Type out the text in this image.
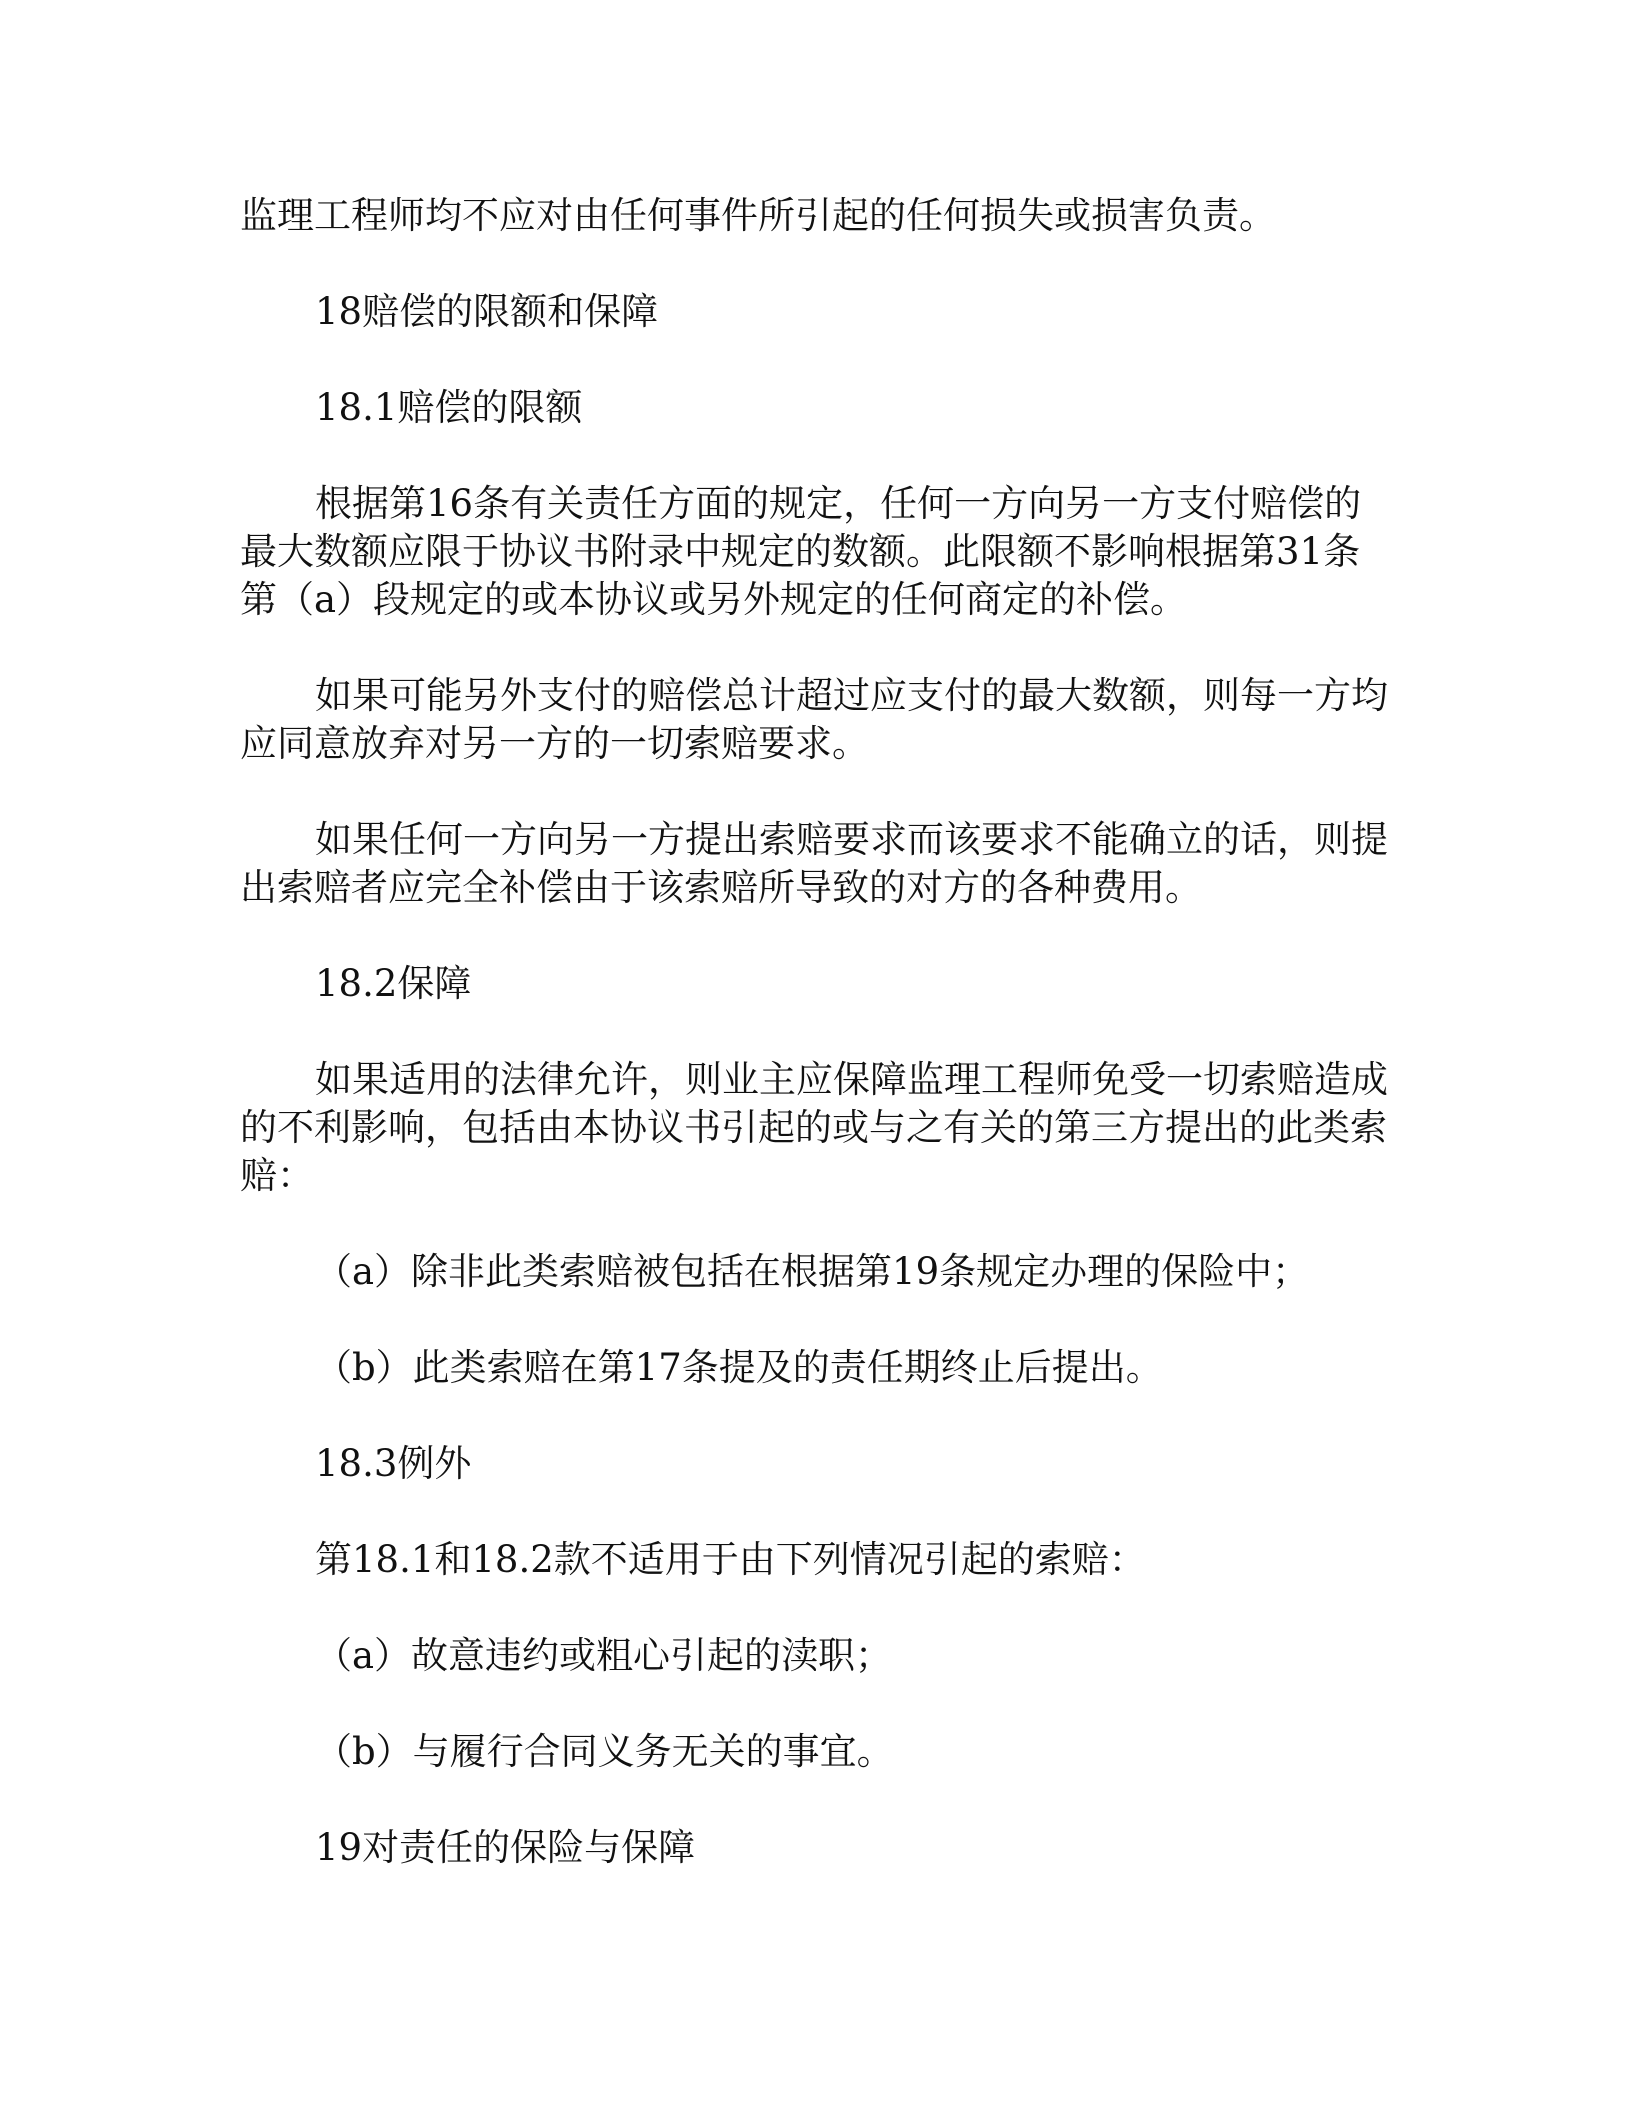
监理工程师均不应对由任何事件所引起的任何损失或损害负责。

18赔偿的限额和保障

18.1赔偿的限额

根据第16条有关责任方面的规定，任何一方向另一方支付赔偿的最大数额应限于协议书附录中规定的数额。此限额不影响根据第31条第（a）段规定的或本协议或另外规定的任何商定的补偿。

如果可能另外支付的赔偿总计超过应支付的最大数额，则每一方均应同意放弃对另一方的一切索赔要求。

如果任何一方向另一方提出索赔要求而该要求不能确立的话，则提出索赔者应完全补偿由于该索赔所导致的对方的各种费用。

18.2保障

如果适用的法律允许，则业主应保障监理工程师免受一切索赔造成的不利影响，包括由本协议书引起的或与之有关的第三方提出的此类索赔：

（a）除非此类索赔被包括在根据第19条规定办理的保险中；

（b）此类索赔在第17条提及的责任期终止后提出。

18.3例外

第18.1和18.2款不适用于由下列情况引起的索赔：

（a）故意违约或粗心引起的渎职；

（b）与履行合同义务无关的事宜。

19对责任的保险与保障
